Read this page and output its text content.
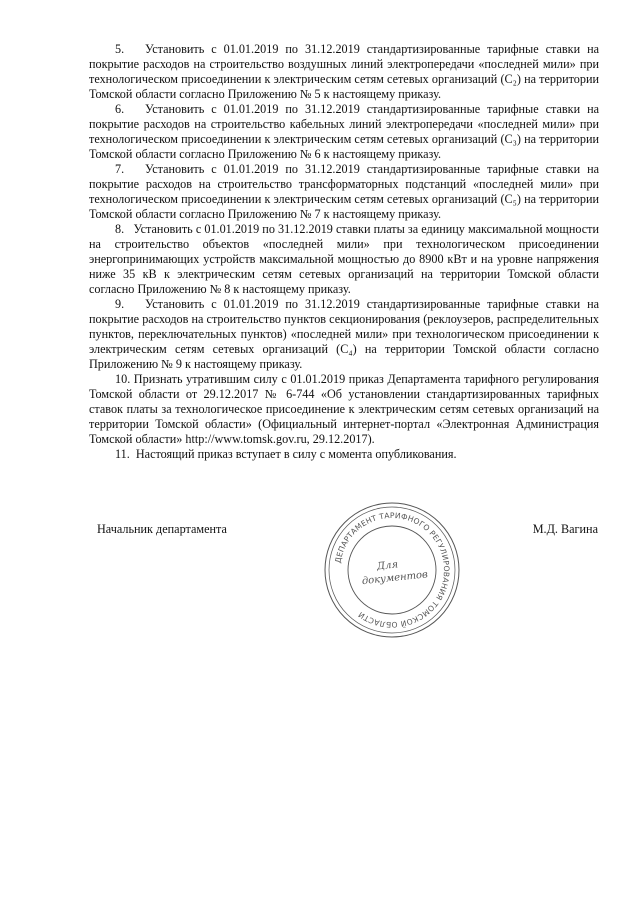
5.   Установить с 01.01.2019 по 31.12.2019 стандартизированные тарифные ставки на покрытие расходов на строительство воздушных линий электропередачи «последней мили» при технологическом присоединении к электрическим сетям сетевых организаций (С₂) на территории Томской области согласно Приложению № 5 к настоящему приказу.

6.   Установить с 01.01.2019 по 31.12.2019 стандартизированные тарифные ставки на покрытие расходов на строительство кабельных линий электропередачи «последней мили» при технологическом присоединении к электрическим сетям сетевых организаций (С₃) на территории Томской области согласно Приложению № 6 к настоящему приказу.

7.   Установить с 01.01.2019 по 31.12.2019 стандартизированные тарифные ставки на покрытие расходов на строительство трансформаторных подстанций «последней мили» при технологическом присоединении к электрическим сетям сетевых организаций (С₅) на территории Томской области согласно Приложению № 7 к настоящему приказу.

8.   Установить с 01.01.2019 по 31.12.2019 ставки платы за единицу максимальной мощности на строительство объектов «последней мили» при технологическом присоединении энергопринимающих устройств максимальной мощностью до 8900 кВт и на уровне напряжения ниже 35 кВ к электрическим сетям сетевых организаций на территории Томской области согласно Приложению № 8 к настоящему приказу.

9.   Установить с 01.01.2019 по 31.12.2019 стандартизированные тарифные ставки на покрытие расходов на строительство пунктов секционирования (реклоузеров, распределительных пунктов, переключательных пунктов) «последней мили» при технологическом присоединении к электрическим сетям сетевых организаций (С₄) на территории Томской области согласно Приложению № 9 к настоящему приказу.

10. Признать утратившим силу с 01.01.2019 приказ Департамента тарифного регулирования Томской области от 29.12.2017 № 6-744 «Об установлении стандартизированных тарифных ставок платы за технологическое присоединение к электрическим сетям сетевых организаций на территории Томской области» (Официальный интернет-портал «Электронная Администрация Томской области» http://www.tomsk.gov.ru, 29.12.2017).

11.  Настоящий приказ вступает в силу с момента опубликования.

Начальник департамента	М.Д. Вагина
ДЕПАРТАМЕНТ ТАРИФНОГО РЕГУЛИРОВАНИЯ ТОМСКОЙ ОБЛАСТИ
Для
документов
